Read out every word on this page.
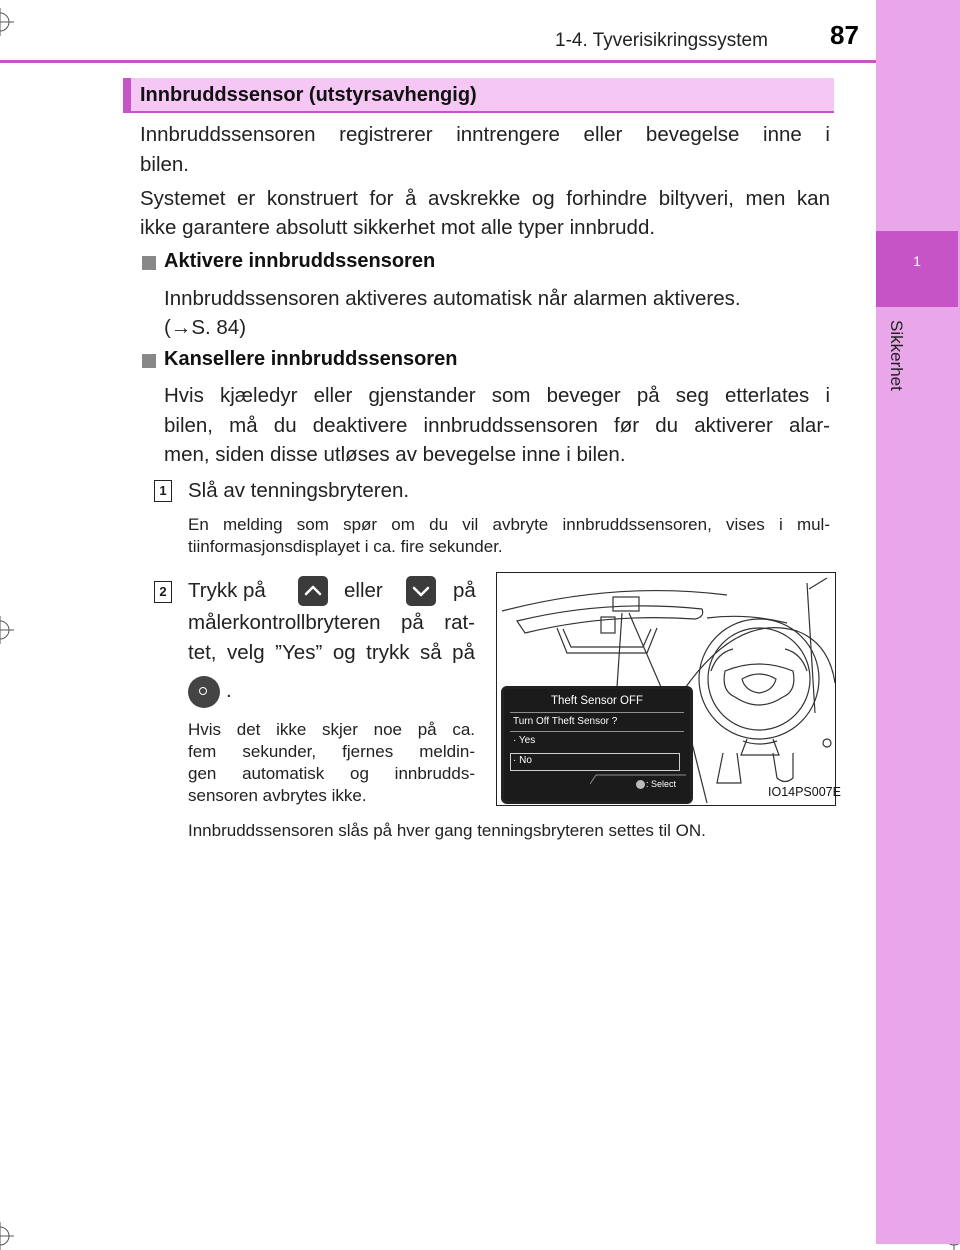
1
Sikkerhet
1-4. Tyverisikringssystem 87
Innbruddssensor (utstyrsavhengig)
Innbruddssensoren registrerer inntrengere eller bevegelse inne i
bilen.
Systemet er konstruert for å avskrekke og forhindre biltyveri, men kan
ikke garantere absolutt sikkerhet mot alle typer innbrudd.
Aktivere innbruddssensoren
Innbruddssensoren aktiveres automatisk når alarmen aktiveres.
(→S. 84)
Kansellere innbruddssensoren
Hvis kjæledyr eller gjenstander som beveger på seg etterlates i
bilen, må du deaktivere innbruddssensoren før du aktiverer alar-
men, siden disse utløses av bevegelse inne i bilen.
1 Slå av tenningsbryteren.
En melding som spør om du vil avbryte innbruddssensoren, vises i mul-
tiinformasjonsdisplayet i ca. fire sekunder.
2 Trykk på	eller	på
målerkontrollbryteren på rat-
tet, velg ”Yes” og trykk så på
.
Hvis det ikke skjer noe på ca.
fem sekunder, fjernes meldin-
gen automatisk og innbrudds-
sensoren avbrytes ikke.
Theft Sensor OFF
Turn Off Theft Sensor ?
· Yes
· No
: Select
IO14PS007E
Innbruddssensoren slås på hver gang tenningsbryteren settes til ON.
